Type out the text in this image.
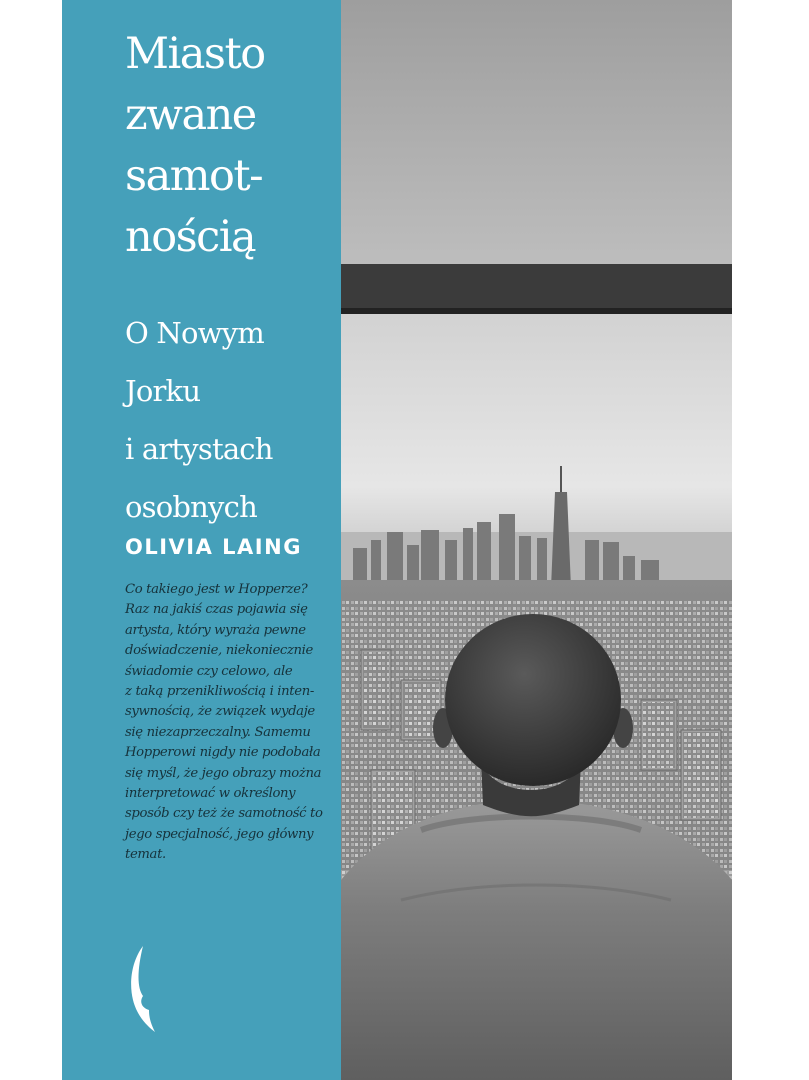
Miasto
zwane
samot-
nością
O Nowym
Jorku
i artystach
osobnych
OLIVIA LAING
Co takiego jest w Hopperze?
Raz na jakiś czas pojawia się
artysta, który wyraża pewne
doświadczenie, niekoniecznie
świadomie czy celowo, ale
z taką przenikliwością i inten-
sywnością, że związek wydaje
się niezaprzeczalny. Samemu
Hopperowi nigdy nie podobała
się myśl, że jego obrazy można
interpretować w określony
sposób czy też że samotność to
jego specjalność, jego główny
temat.
